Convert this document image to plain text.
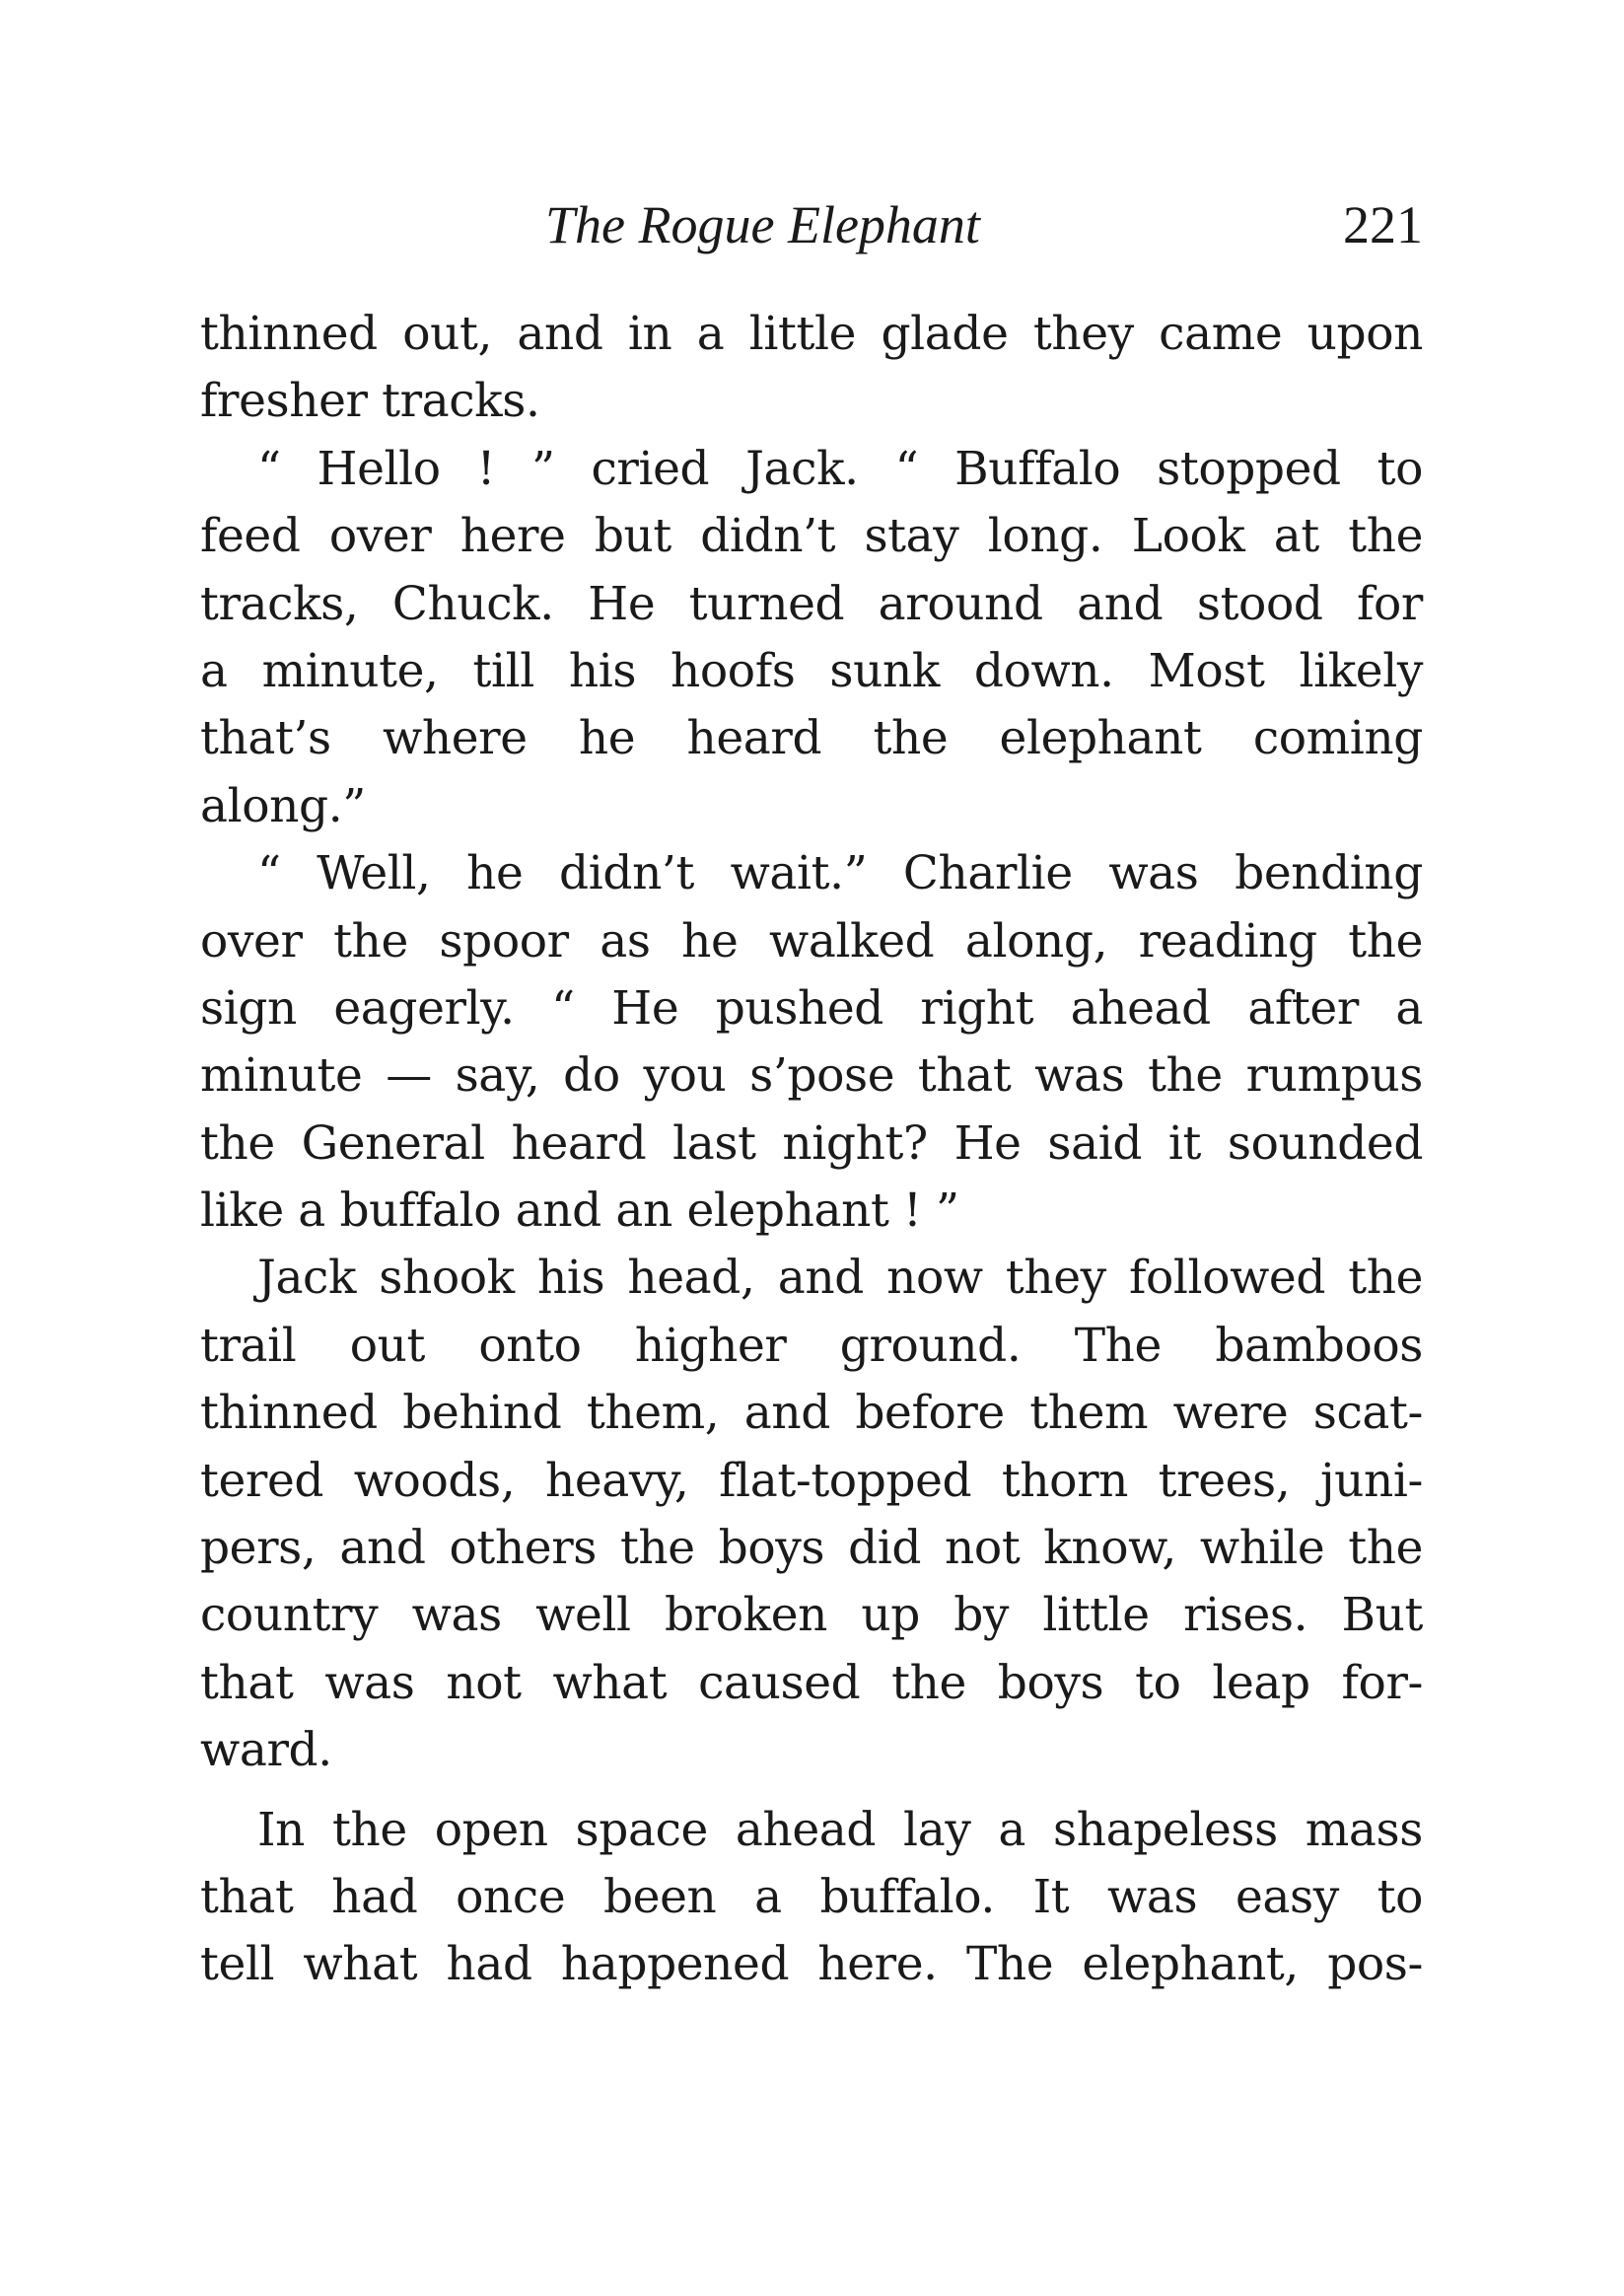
The Rogue Elephant	221
thinned out, and in a little glade they came upon
fresher tracks.
“ Hello ! ” cried Jack. “ Buffalo stopped to
feed over here but didn’t stay long. Look at the
tracks, Chuck. He turned around and stood for
a minute, till his hoofs sunk down. Most likely
that’s where he heard the elephant coming
along.”
“ Well, he didn’t wait.” Charlie was bending
over the spoor as he walked along, reading the
sign eagerly. “ He pushed right ahead after a
minute — say, do you s’pose that was the rumpus
the General heard last night? He said it sounded
like a buffalo and an elephant ! ”
Jack shook his head, and now they followed the
trail out onto higher ground. The bamboos
thinned behind them, and before them were scat-
tered woods, heavy, flat-topped thorn trees, juni-
pers, and others the boys did not know, while the
country was well broken up by little rises. But
that was not what caused the boys to leap for-
ward.
In the open space ahead lay a shapeless mass
that had once been a buffalo. It was easy to
tell what had happened here. The elephant, pos-
